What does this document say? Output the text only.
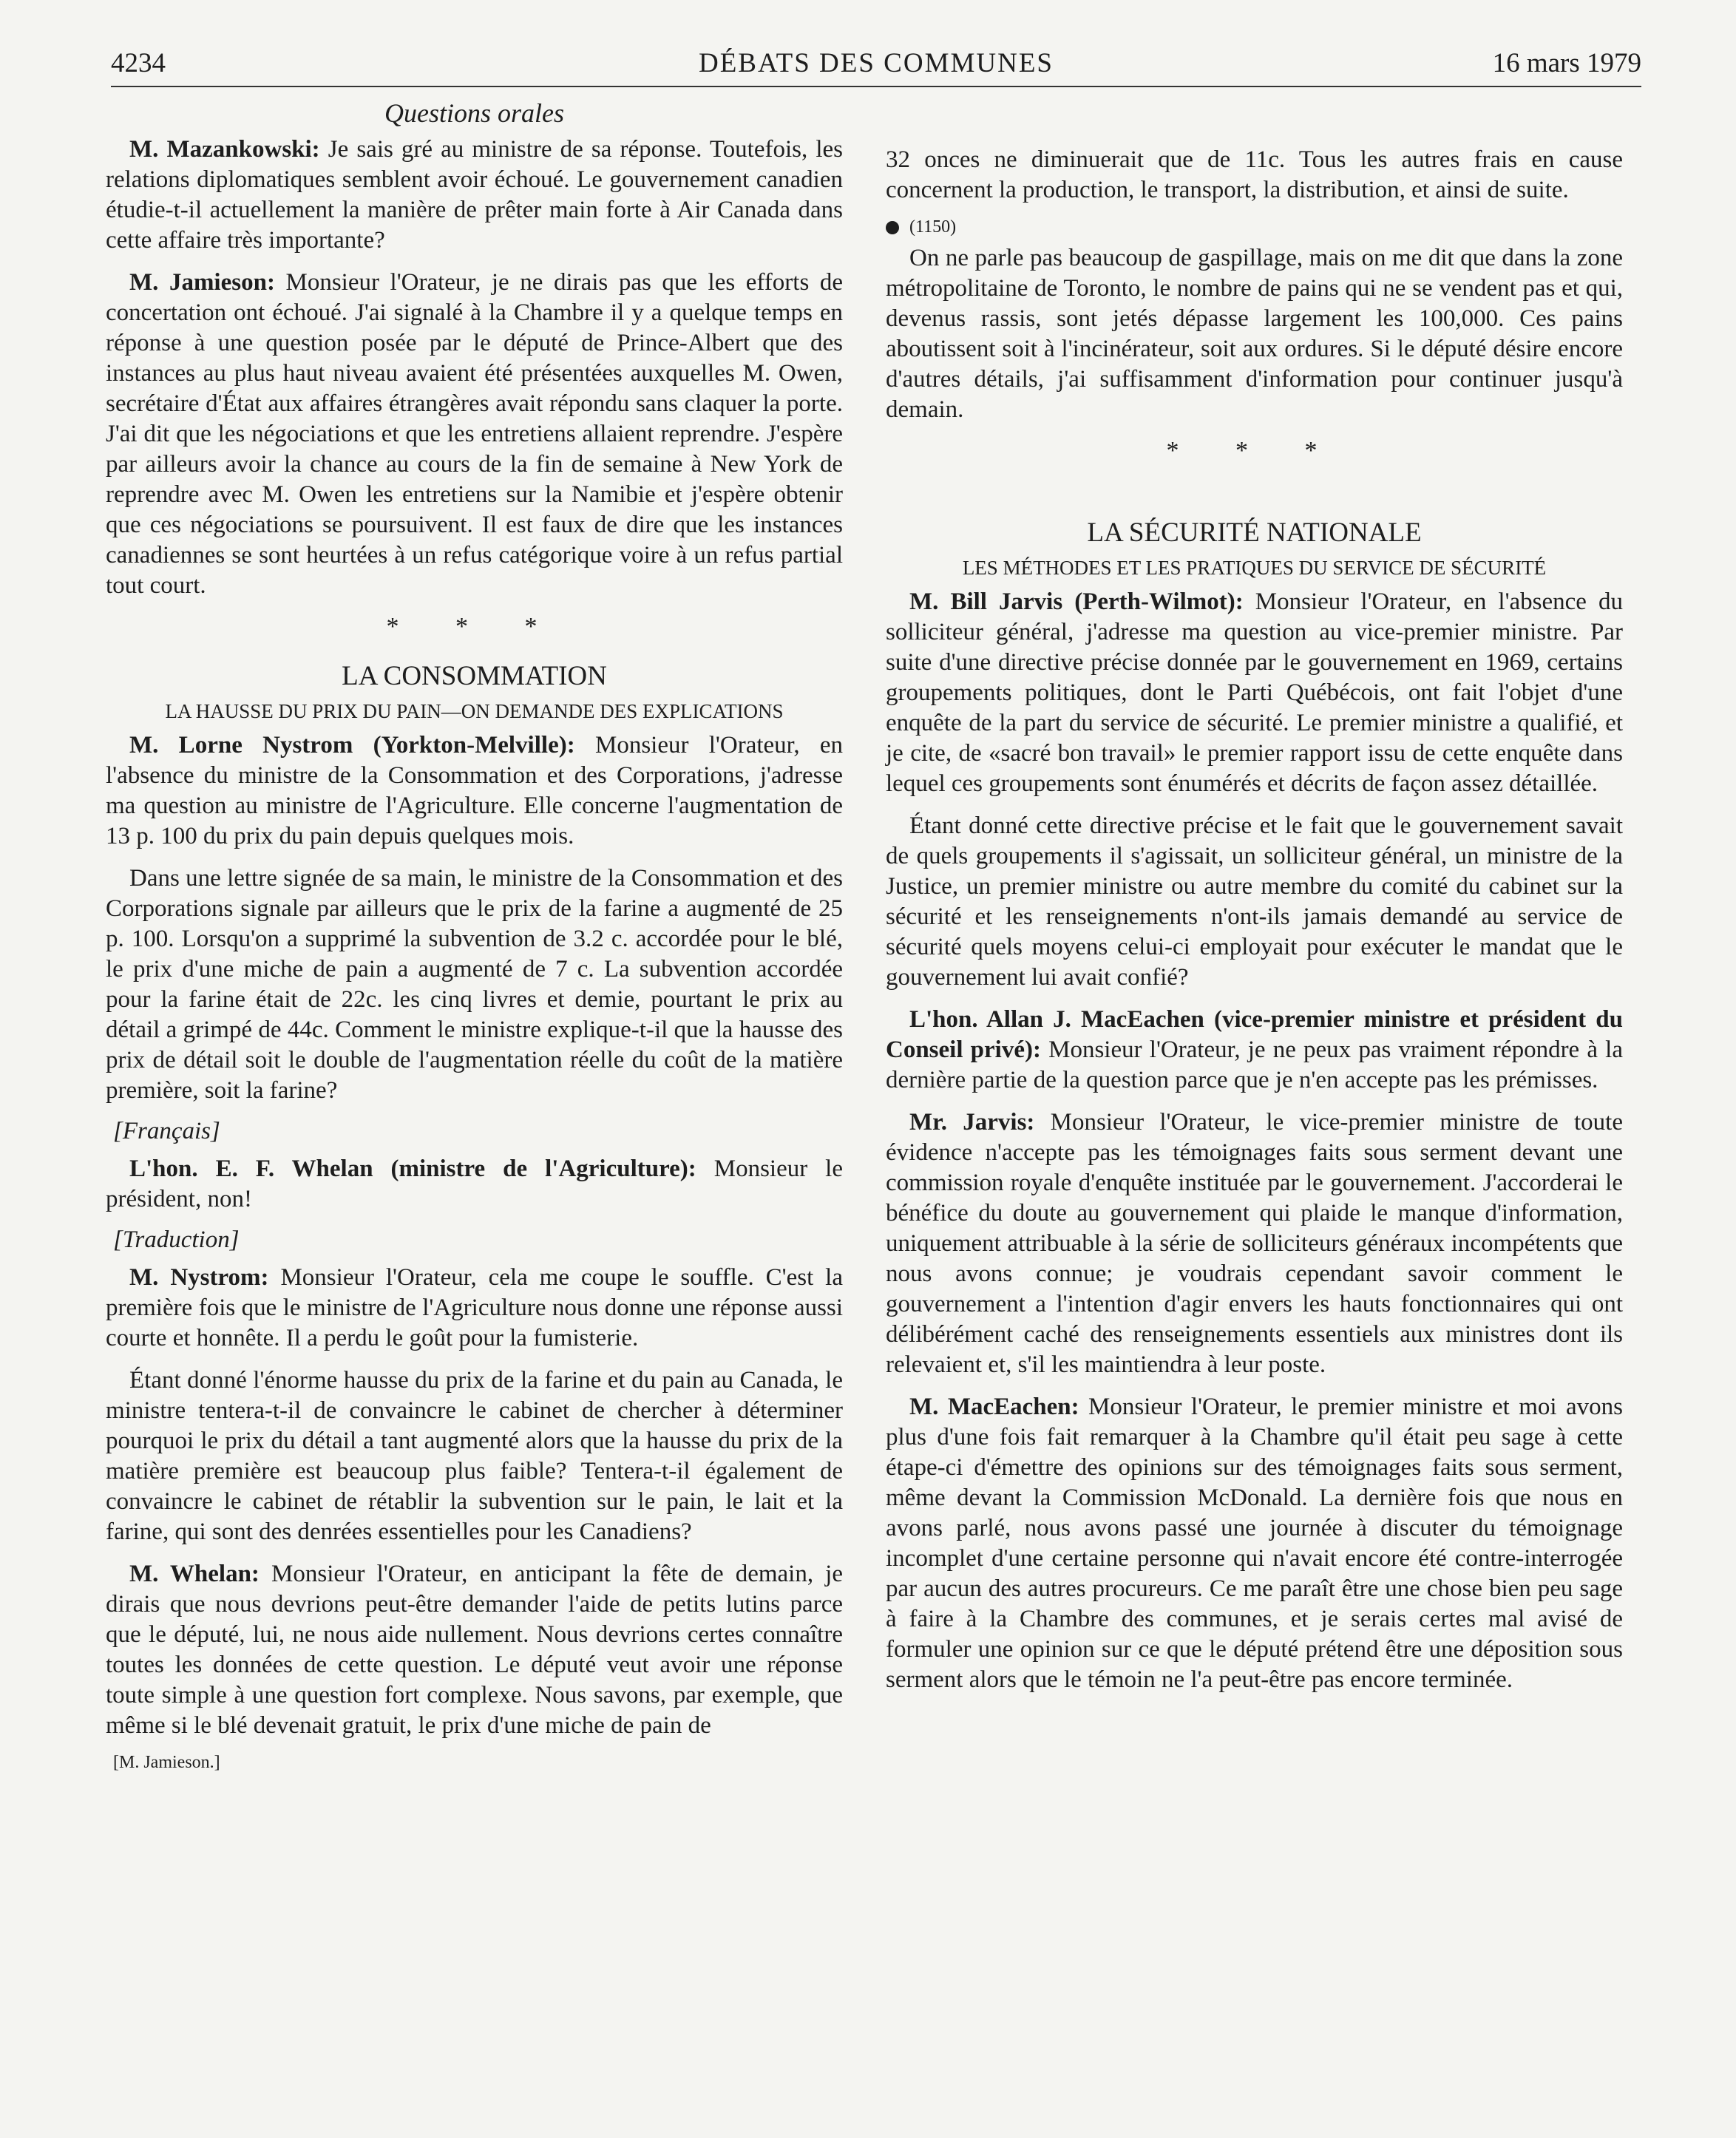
4234	DÉBATS DES COMMUNES	16 mars 1979
Questions orales

M. Mazankowski: Je sais gré au ministre de sa réponse. Toutefois, les relations diplomatiques semblent avoir échoué. Le gouvernement canadien étudie-t-il actuellement la manière de prêter main forte à Air Canada dans cette affaire très importante?

M. Jamieson: Monsieur l'Orateur, je ne dirais pas que les efforts de concertation ont échoué. J'ai signalé à la Chambre il y a quelque temps en réponse à une question posée par le député de Prince-Albert que des instances au plus haut niveau avaient été présentées auxquelles M. Owen, secrétaire d'État aux affaires étrangères avait répondu sans claquer la porte. J'ai dit que les négociations et que les entretiens allaient reprendre. J'espère par ailleurs avoir la chance au cours de la fin de semaine à New York de reprendre avec M. Owen les entretiens sur la Namibie et j'espère obtenir que ces négociations se poursuivent. Il est faux de dire que les instances canadiennes se sont heurtées à un refus catégorique voire à un refus partial tout court.

* * *
LA CONSOMMATION
LA HAUSSE DU PRIX DU PAIN—ON DEMANDE DES EXPLICATIONS

M. Lorne Nystrom (Yorkton-Melville): Monsieur l'Orateur, en l'absence du ministre de la Consommation et des Corporations, j'adresse ma question au ministre de l'Agriculture. Elle concerne l'augmentation de 13 p. 100 du prix du pain depuis quelques mois.

Dans une lettre signée de sa main, le ministre de la Consommation et des Corporations signale par ailleurs que le prix de la farine a augmenté de 25 p. 100. Lorsqu'on a supprimé la subvention de 3.2 c. accordée pour le blé, le prix d'une miche de pain a augmenté de 7 c. La subvention accordée pour la farine était de 22c. les cinq livres et demie, pourtant le prix au détail a grimpé de 44c. Comment le ministre explique-t-il que la hausse des prix de détail soit le double de l'augmentation réelle du coût de la matière première, soit la farine?

[Français]

L'hon. E. F. Whelan (ministre de l'Agriculture): Monsieur le président, non!

[Traduction]

M. Nystrom: Monsieur l'Orateur, cela me coupe le souffle. C'est la première fois que le ministre de l'Agriculture nous donne une réponse aussi courte et honnête. Il a perdu le goût pour la fumisterie.

Étant donné l'énorme hausse du prix de la farine et du pain au Canada, le ministre tentera-t-il de convaincre le cabinet de chercher à déterminer pourquoi le prix du détail a tant augmenté alors que la hausse du prix de la matière première est beaucoup plus faible? Tentera-t-il également de convaincre le cabinet de rétablir la subvention sur le pain, le lait et la farine, qui sont des denrées essentielles pour les Canadiens?

M. Whelan: Monsieur l'Orateur, en anticipant la fête de demain, je dirais que nous devrions peut-être demander l'aide de petits lutins parce que le député, lui, ne nous aide nullement. Nous devrions certes connaître toutes les données de cette question. Le député veut avoir une réponse toute simple à une question fort complexe. Nous savons, par exemple, que même si le blé devenait gratuit, le prix d'une miche de pain de

[M. Jamieson.]

32 onces ne diminuerait que de 11c. Tous les autres frais en cause concernent la production, le transport, la distribution, et ainsi de suite.

(1150)

On ne parle pas beaucoup de gaspillage, mais on me dit que dans la zone métropolitaine de Toronto, le nombre de pains qui ne se vendent pas et qui, devenus rassis, sont jetés dépasse largement les 100,000. Ces pains aboutissent soit à l'incinérateur, soit aux ordures. Si le député désire encore d'autres détails, j'ai suffisamment d'information pour continuer jusqu'à demain.

* * *
LA SÉCURITÉ NATIONALE
LES MÉTHODES ET LES PRATIQUES DU SERVICE DE SÉCURITÉ

M. Bill Jarvis (Perth-Wilmot): Monsieur l'Orateur, en l'absence du solliciteur général, j'adresse ma question au vice-premier ministre. Par suite d'une directive précise donnée par le gouvernement en 1969, certains groupements politiques, dont le Parti Québécois, ont fait l'objet d'une enquête de la part du service de sécurité. Le premier ministre a qualifié, et je cite, de «sacré bon travail» le premier rapport issu de cette enquête dans lequel ces groupements sont énumérés et décrits de façon assez détaillée.

Étant donné cette directive précise et le fait que le gouvernement savait de quels groupements il s'agissait, un solliciteur général, un ministre de la Justice, un premier ministre ou autre membre du comité du cabinet sur la sécurité et les renseignements n'ont-ils jamais demandé au service de sécurité quels moyens celui-ci employait pour exécuter le mandat que le gouvernement lui avait confié?

L'hon. Allan J. MacEachen (vice-premier ministre et président du Conseil privé): Monsieur l'Orateur, je ne peux pas vraiment répondre à la dernière partie de la question parce que je n'en accepte pas les prémisses.

Mr. Jarvis: Monsieur l'Orateur, le vice-premier ministre de toute évidence n'accepte pas les témoignages faits sous serment devant une commission royale d'enquête instituée par le gouvernement. J'accorderai le bénéfice du doute au gouvernement qui plaide le manque d'information, uniquement attribuable à la série de solliciteurs généraux incompétents que nous avons connue; je voudrais cependant savoir comment le gouvernement a l'intention d'agir envers les hauts fonctionnaires qui ont délibérément caché des renseignements essentiels aux ministres dont ils relevaient et, s'il les maintiendra à leur poste.

M. MacEachen: Monsieur l'Orateur, le premier ministre et moi avons plus d'une fois fait remarquer à la Chambre qu'il était peu sage à cette étape-ci d'émettre des opinions sur des témoignages faits sous serment, même devant la Commission McDonald. La dernière fois que nous en avons parlé, nous avons passé une journée à discuter du témoignage incomplet d'une certaine personne qui n'avait encore été contre-interrogée par aucun des autres procureurs. Ce me paraît être une chose bien peu sage à faire à la Chambre des communes, et je serais certes mal avisé de formuler une opinion sur ce que le député prétend être une déposition sous serment alors que le témoin ne l'a peut-être pas encore terminée.
